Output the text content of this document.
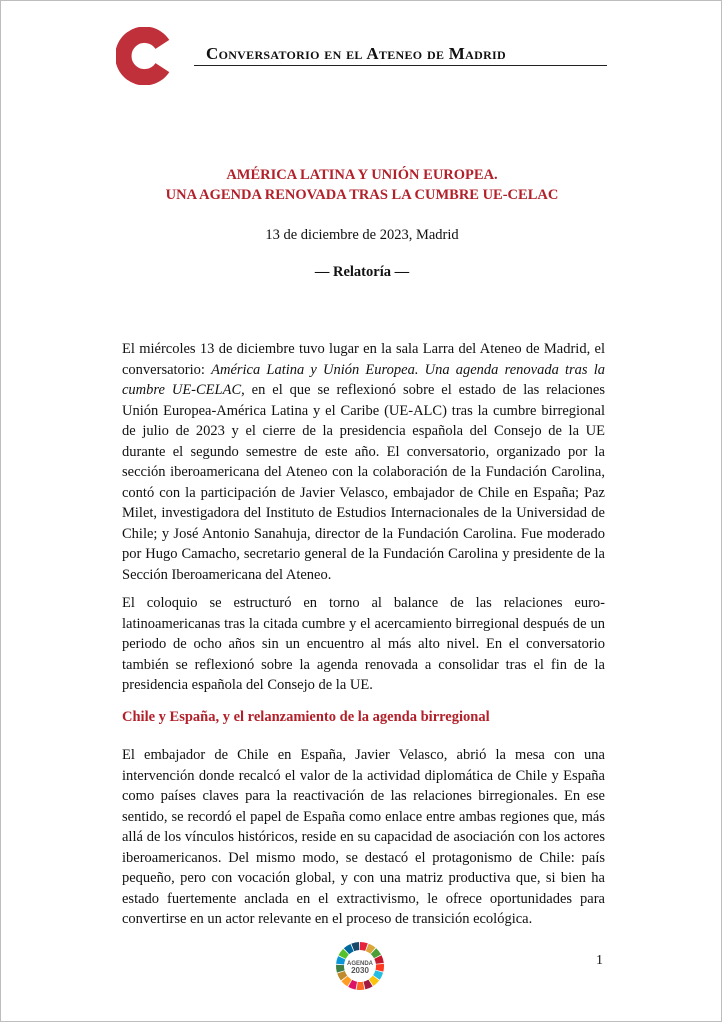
Conversatorio en el Ateneo de Madrid
AMÉRICA LATINA Y UNIÓN EUROPEA.
UNA AGENDA RENOVADA TRAS LA CUMBRE UE-CELAC
13 de diciembre de 2023, Madrid
— Relatoría —

El miércoles 13 de diciembre tuvo lugar en la sala Larra del Ateneo de Madrid, el conversatorio: América Latina y Unión Europea. Una agenda renovada tras la cumbre UE-CELAC, en el que se reflexionó sobre el estado de las relaciones Unión Europea-América Latina y el Caribe (UE-ALC) tras la cumbre birregional de julio de 2023 y el cierre de la presidencia española del Consejo de la UE durante el segundo semestre de este año. El conversatorio, organizado por la sección iberoamericana del Ateneo con la colaboración de la Fundación Carolina, contó con la participación de Javier Velasco, embajador de Chile en España; Paz Milet, investigadora del Instituto de Estudios Internacionales de la Universidad de Chile; y José Antonio Sanahuja, director de la Fundación Carolina. Fue moderado por Hugo Camacho, secretario general de la Fundación Carolina y presidente de la Sección Iberoamericana del Ateneo.

El coloquio se estructuró en torno al balance de las relaciones euro-latinoamericanas tras la citada cumbre y el acercamiento birregional después de un periodo de ocho años sin un encuentro al más alto nivel. En el conversatorio también se reflexionó sobre la agenda renovada a consolidar tras el fin de la presidencia española del Consejo de la UE.

Chile y España, y el relanzamiento de la agenda birregional

El embajador de Chile en España, Javier Velasco, abrió la mesa con una intervención donde recalcó el valor de la actividad diplomática de Chile y España como países claves para la reactivación de las relaciones birregionales. En ese sentido, se recordó el papel de España como enlace entre ambas regiones que, más allá de los vínculos históricos, reside en su capacidad de asociación con los actores iberoamericanos. Del mismo modo, se destacó el protagonismo de Chile: país pequeño, pero con vocación global, y con una matriz productiva que, si bien ha estado fuertemente anclada en el extractivismo, le ofrece oportunidades para convertirse en un actor relevante en el proceso de transición ecológica.

AGENDA
2030
1
